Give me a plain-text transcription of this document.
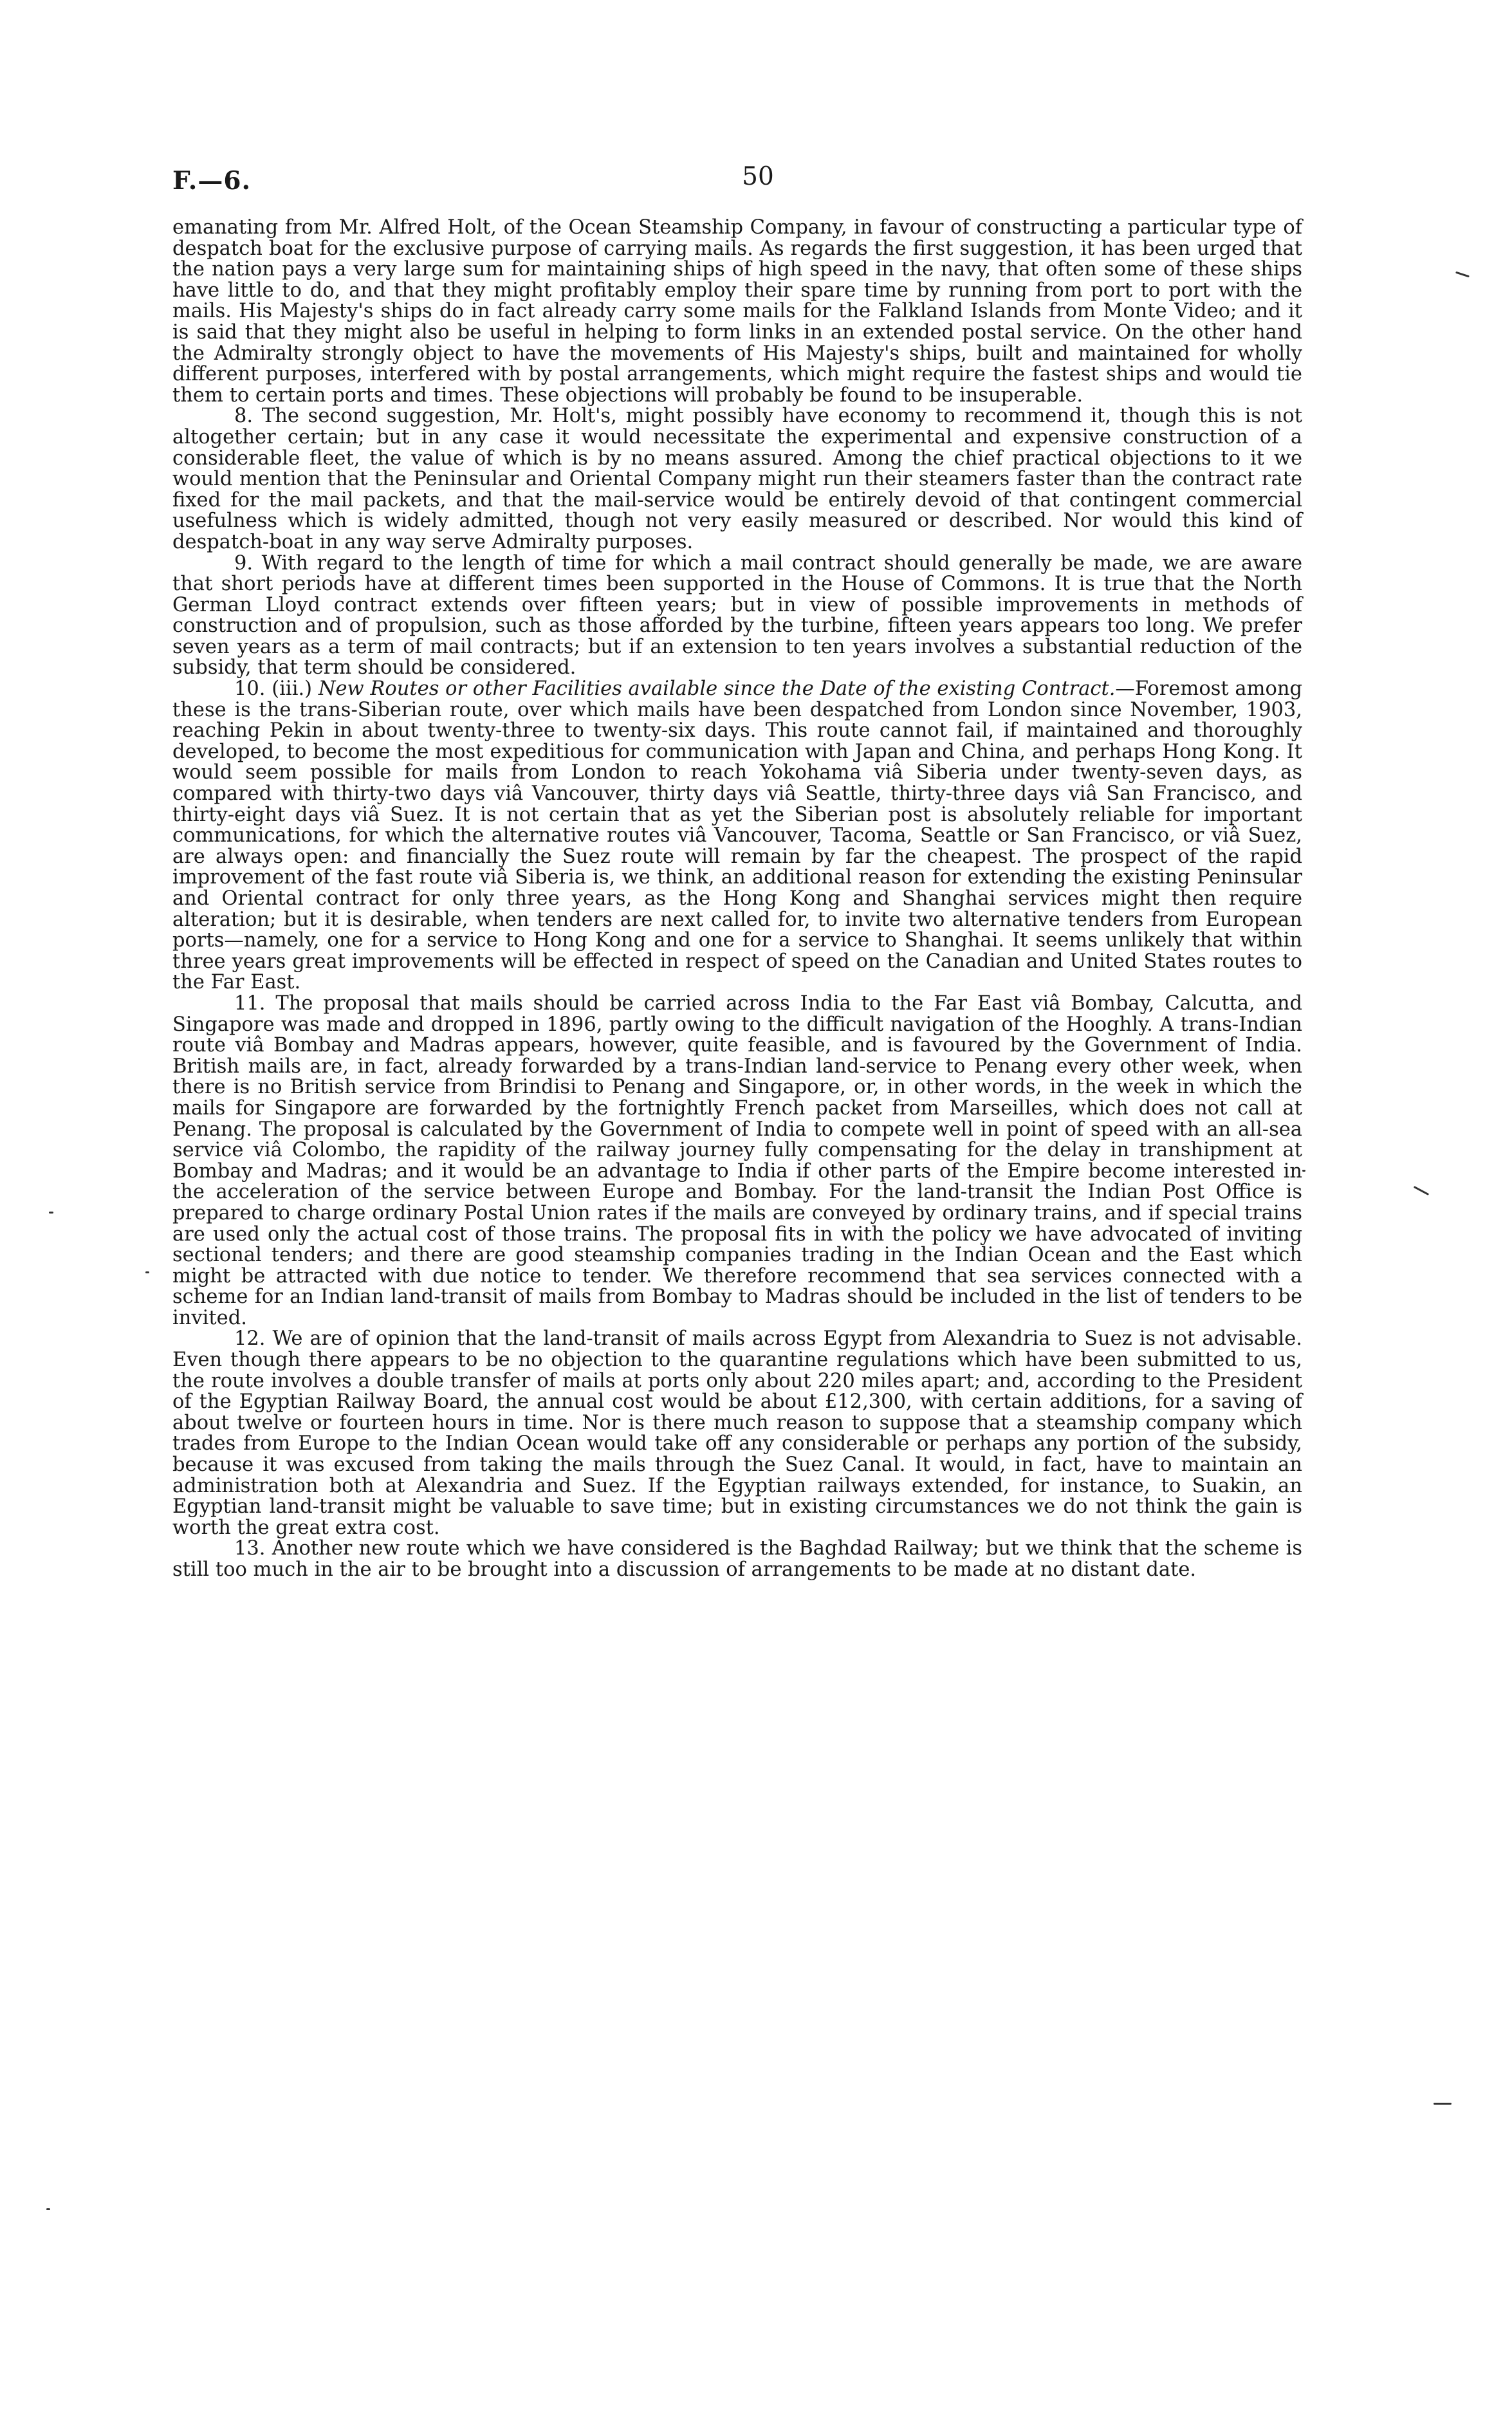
F.—6.	50

emanating from Mr. Alfred Holt, of the Ocean Steamship Company, in favour of constructing a particular type of despatch boat for the exclusive purpose of carrying mails. As regards the first suggestion, it has been urged that the nation pays a very large sum for maintaining ships of high speed in the navy, that often some of these ships have little to do, and that they might profitably employ their spare time by running from port to port with the mails. His Majesty's ships do in fact already carry some mails for the Falkland Islands from Monte Video; and it is said that they might also be useful in helping to form links in an extended postal service. On the other hand the Admiralty strongly object to have the movements of His Majesty's ships, built and maintained for wholly different purposes, interfered with by postal arrangements, which might require the fastest ships and would tie them to certain ports and times. These objections will probably be found to be insuperable.

8. The second suggestion, Mr. Holt's, might possibly have economy to recommend it, though this is not altogether certain; but in any case it would necessitate the experimental and expensive construction of a considerable fleet, the value of which is by no means assured. Among the chief practical objections to it we would mention that the Peninsular and Oriental Company might run their steamers faster than the contract rate fixed for the mail packets, and that the mail-service would be entirely devoid of that contingent commercial usefulness which is widely admitted, though not very easily measured or described. Nor would this kind of despatch-boat in any way serve Admiralty purposes.

9. With regard to the length of time for which a mail contract should generally be made, we are aware that short periods have at different times been supported in the House of Commons. It is true that the North German Lloyd contract extends over fifteen years; but in view of possible improvements in methods of construction and of propulsion, such as those afforded by the turbine, fifteen years appears too long. We prefer seven years as a term of mail contracts; but if an extension to ten years involves a substantial reduction of the subsidy, that term should be considered.

10. (iii.) New Routes or other Facilities available since the Date of the existing Contract.—Foremost among these is the trans-Siberian route, over which mails have been despatched from London since November, 1903, reaching Pekin in about twenty-three to twenty-six days. This route cannot fail, if maintained and thoroughly developed, to become the most expeditious for communication with Japan and China, and perhaps Hong Kong. It would seem possible for mails from London to reach Yokohama viâ Siberia under twenty-seven days, as compared with thirty-two days viâ Vancouver, thirty days viâ Seattle, thirty-three days viâ San Francisco, and thirty-eight days viâ Suez. It is not certain that as yet the Siberian post is absolutely reliable for important communications, for which the alternative routes viâ Vancouver, Tacoma, Seattle or San Francisco, or viâ Suez, are always open: and financially the Suez route will remain by far the cheapest. The prospect of the rapid improvement of the fast route viâ Siberia is, we think, an additional reason for extending the existing Peninsular and Oriental contract for only three years, as the Hong Kong and Shanghai services might then require alteration; but it is desirable, when tenders are next called for, to invite two alternative tenders from European ports—namely, one for a service to Hong Kong and one for a service to Shanghai. It seems unlikely that within three years great improvements will be effected in respect of speed on the Canadian and United States routes to the Far East.

11. The proposal that mails should be carried across India to the Far East viâ Bombay, Calcutta, and Singapore was made and dropped in 1896, partly owing to the difficult navigation of the Hooghly. A trans-Indian route viâ Bombay and Madras appears, however, quite feasible, and is favoured by the Government of India. British mails are, in fact, already forwarded by a trans-Indian land-service to Penang every other week, when there is no British service from Brindisi to Penang and Singapore, or, in other words, in the week in which the mails for Singapore are forwarded by the fortnightly French packet from Marseilles, which does not call at Penang. The proposal is calculated by the Government of India to compete well in point of speed with an all-sea service viâ Colombo, the rapidity of the railway journey fully compensating for the delay in transhipment at Bombay and Madras; and it would be an advantage to India if other parts of the Empire become interested in the acceleration of the service between Europe and Bombay. For the land-transit the Indian Post Office is prepared to charge ordinary Postal Union rates if the mails are conveyed by ordinary trains, and if special trains are used only the actual cost of those trains. The proposal fits in with the policy we have advocated of inviting sectional tenders; and there are good steamship companies trading in the Indian Ocean and the East which might be attracted with due notice to tender. We therefore recommend that sea services connected with a scheme for an Indian land-transit of mails from Bombay to Madras should be included in the list of tenders to be invited.

12. We are of opinion that the land-transit of mails across Egypt from Alexandria to Suez is not advisable. Even though there appears to be no objection to the quarantine regulations which have been submitted to us, the route involves a double transfer of mails at ports only about 220 miles apart; and, according to the President of the Egyptian Railway Board, the annual cost would be about £12,300, with certain additions, for a saving of about twelve or fourteen hours in time. Nor is there much reason to suppose that a steamship company which trades from Europe to the Indian Ocean would take off any considerable or perhaps any portion of the subsidy, because it was excused from taking the mails through the Suez Canal. It would, in fact, have to maintain an administration both at Alexandria and Suez. If the Egyptian railways extended, for instance, to Suakin, an Egyptian land-transit might be valuable to save time; but in existing circumstances we do not think the gain is worth the great extra cost.

13. Another new route which we have considered is the Baghdad Railway; but we think that the scheme is still too much in the air to be brought into a discussion of arrangements to be made at no distant date.
